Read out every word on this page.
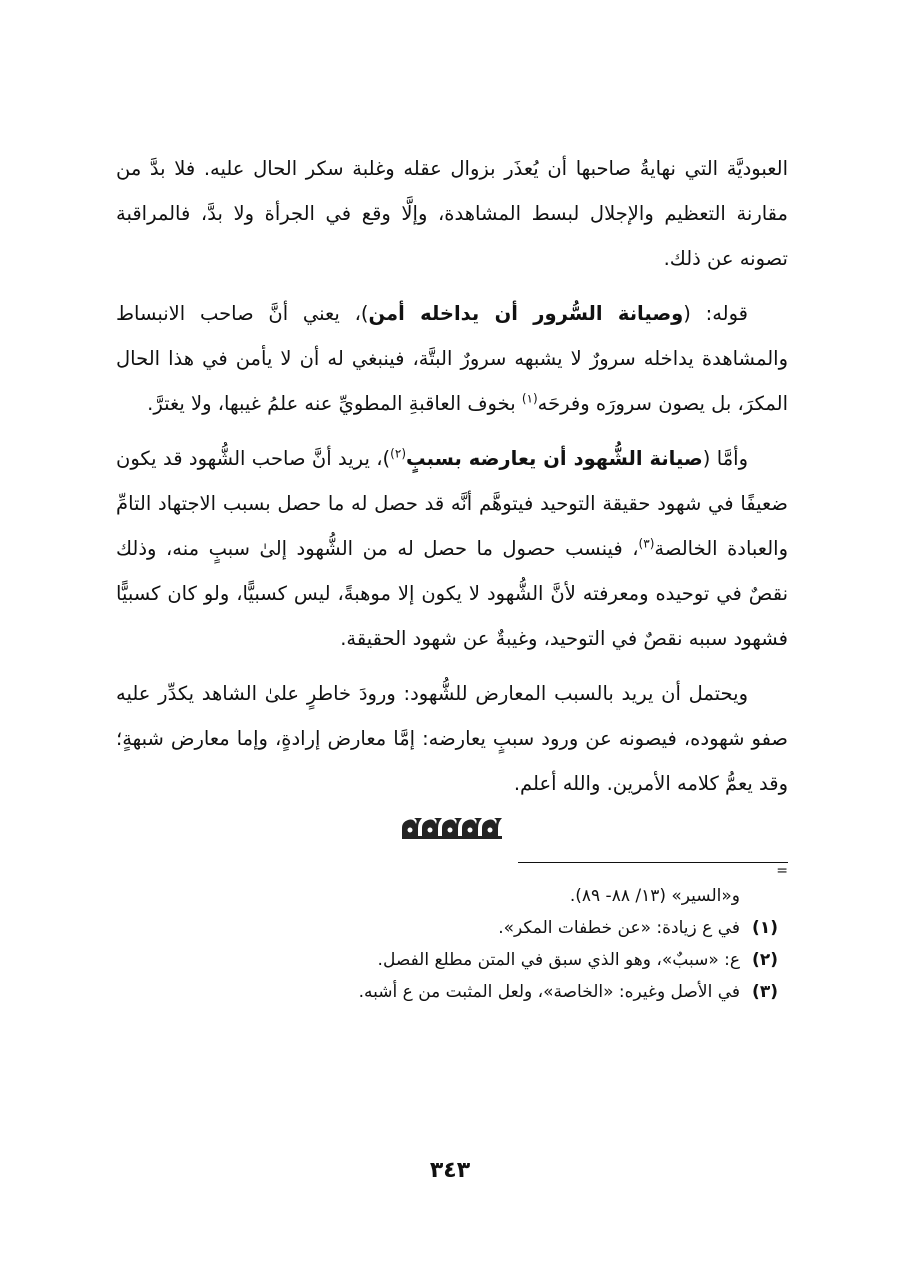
العبوديَّة التي نهايةُ صاحبها أن يُعذَر بزوال عقله وغلبة سكر الحال عليه. فلا بدَّ من مقارنة التعظيم والإجلال لبسط المشاهدة، وإلَّا وقع في الجرأة ولا بدَّ، فالمراقبة تصونه عن ذلك.

قوله: (وصيانة السُّرور أن يداخله أمن)، يعني أنَّ صاحب الانبساط والمشاهدة يداخله سرورٌ لا يشبهه سرورٌ البتَّة، فينبغي له أن لا يأمن في هذا الحال المكرَ، بل يصون سرورَه وفرحَه$^{(١)}$ بخوف العاقبةِ المطويِّ عنه علمُ غيبها، ولا يغترَّ.

وأمَّا (صيانة الشُّهود أن يعارضه بسببٍ$^{(٢)}$)، يريد أنَّ صاحب الشُّهود قد يكون ضعيفًا في شهود حقيقة التوحيد فيتوهَّم أنَّه قد حصل له ما حصل بسبب الاجتهاد التامِّ والعبادة الخالصة$^{(٣)}$، فينسب حصول ما حصل له من الشُّهود إلىٰ سببٍ منه، وذلك نقصٌ في توحيده ومعرفته لأنَّ الشُّهود لا يكون إلا موهبةً، ليس كسبيًّا، ولو كان كسبيًّا فشهود سببه نقصٌ في التوحيد، وغيبةٌ عن شهود الحقيقة.

ويحتمل أن يريد بالسبب المعارض للشُّهود: ورودَ خاطرٍ علىٰ الشاهد يكدِّر عليه صفو شهوده، فيصونه عن ورود سببٍ يعارضه: إمَّا معارض إرادةٍ، وإما معارض شبهةٍ؛ وقد يعمُّ كلامه الأمرين. والله أعلم.

=

و«السير» (١٣/ ٨٨- ٨٩).

(١)في ع زيادة: «عن خطفات المكر».

(٢)ع: «سببٌ»، وهو الذي سبق في المتن مطلع الفصل.

(٣)في الأصل وغيره: «الخاصة»، ولعل المثبت من ع أشبه.

٣٤٣
